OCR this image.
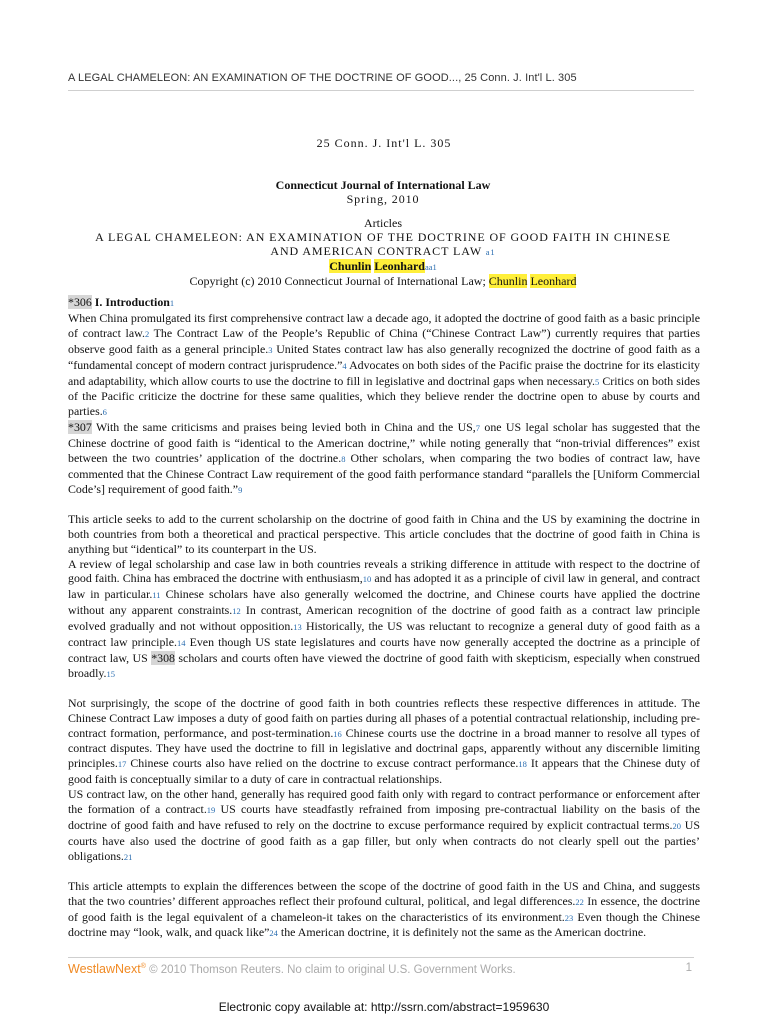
A LEGAL CHAMELEON: AN EXAMINATION OF THE DOCTRINE OF GOOD..., 25 Conn. J. Int'l L. 305
25 Conn. J. Int'l L. 305
Connecticut Journal of International Law
Spring, 2010
Articles
A LEGAL CHAMELEON: AN EXAMINATION OF THE DOCTRINE OF GOOD FAITH IN CHINESE
AND AMERICAN CONTRACT LAW a1
Chunlin Leonhardaa1
Copyright (c) 2010 Connecticut Journal of International Law; Chunlin Leonhard

*306 I. Introduction1
When China promulgated its first comprehensive contract law a decade ago, it adopted the doctrine of good faith as a basic principle of contract law.2 The Contract Law of the People’s Republic of China (“Chinese Contract Law”) currently requires that parties observe good faith as a general principle.3 United States contract law has also generally recognized the doctrine of good faith as a “fundamental concept of modern contract jurisprudence.”4 Advocates on both sides of the Pacific praise the doctrine for its elasticity and adaptability, which allow courts to use the doctrine to fill in legislative and doctrinal gaps when necessary.5 Critics on both sides of the Pacific criticize the doctrine for these same qualities, which they believe render the doctrine open to abuse by courts and parties.6

*307 With the same criticisms and praises being levied both in China and the US,7 one US legal scholar has suggested that the Chinese doctrine of good faith is “identical to the American doctrine,” while noting generally that “non-trivial differences” exist between the two countries’ application of the doctrine.8 Other scholars, when comparing the two bodies of contract law, have commented that the Chinese Contract Law requirement of the good faith performance standard “parallels the [Uniform Commercial Code’s] requirement of good faith.”9

This article seeks to add to the current scholarship on the doctrine of good faith in China and the US by examining the doctrine in both countries from both a theoretical and practical perspective. This article concludes that the doctrine of good faith in China is anything but “identical” to its counterpart in the US.

A review of legal scholarship and case law in both countries reveals a striking difference in attitude with respect to the doctrine of good faith. China has embraced the doctrine with enthusiasm,10 and has adopted it as a principle of civil law in general, and contract law in particular.11 Chinese scholars have also generally welcomed the doctrine, and Chinese courts have applied the doctrine without any apparent constraints.12 In contrast, American recognition of the doctrine of good faith as a contract law principle evolved gradually and not without opposition.13 Historically, the US was reluctant to recognize a general duty of good faith as a contract law principle.14 Even though US state legislatures and courts have now generally accepted the doctrine as a principle of contract law, US *308 scholars and courts often have viewed the doctrine of good faith with skepticism, especially when construed broadly.15

Not surprisingly, the scope of the doctrine of good faith in both countries reflects these respective differences in attitude. The Chinese Contract Law imposes a duty of good faith on parties during all phases of a potential contractual relationship, including pre-contract formation, performance, and post-termination.16 Chinese courts use the doctrine in a broad manner to resolve all types of contract disputes. They have used the doctrine to fill in legislative and doctrinal gaps, apparently without any discernible limiting principles.17 Chinese courts also have relied on the doctrine to excuse contract performance.18 It appears that the Chinese duty of good faith is conceptually similar to a duty of care in contractual relationships.

US contract law, on the other hand, generally has required good faith only with regard to contract performance or enforcement after the formation of a contract.19 US courts have steadfastly refrained from imposing pre-contractual liability on the basis of the doctrine of good faith and have refused to rely on the doctrine to excuse performance required by explicit contractual terms.20 US courts have also used the doctrine of good faith as a gap filler, but only when contracts do not clearly spell out the parties’ obligations.21

This article attempts to explain the differences between the scope of the doctrine of good faith in the US and China, and suggests that the two countries’ different approaches reflect their profound cultural, political, and legal differences.22 In essence, the doctrine of good faith is the legal equivalent of a chameleon-it takes on the characteristics of its environment.23 Even though the Chinese doctrine may “look, walk, and quack like”24 the American doctrine, it is definitely not the same as the American doctrine.

WestlawNext® © 2010 Thomson Reuters. No claim to original U.S. Government Works.	1
Electronic copy available at: http://ssrn.com/abstract=1959630
